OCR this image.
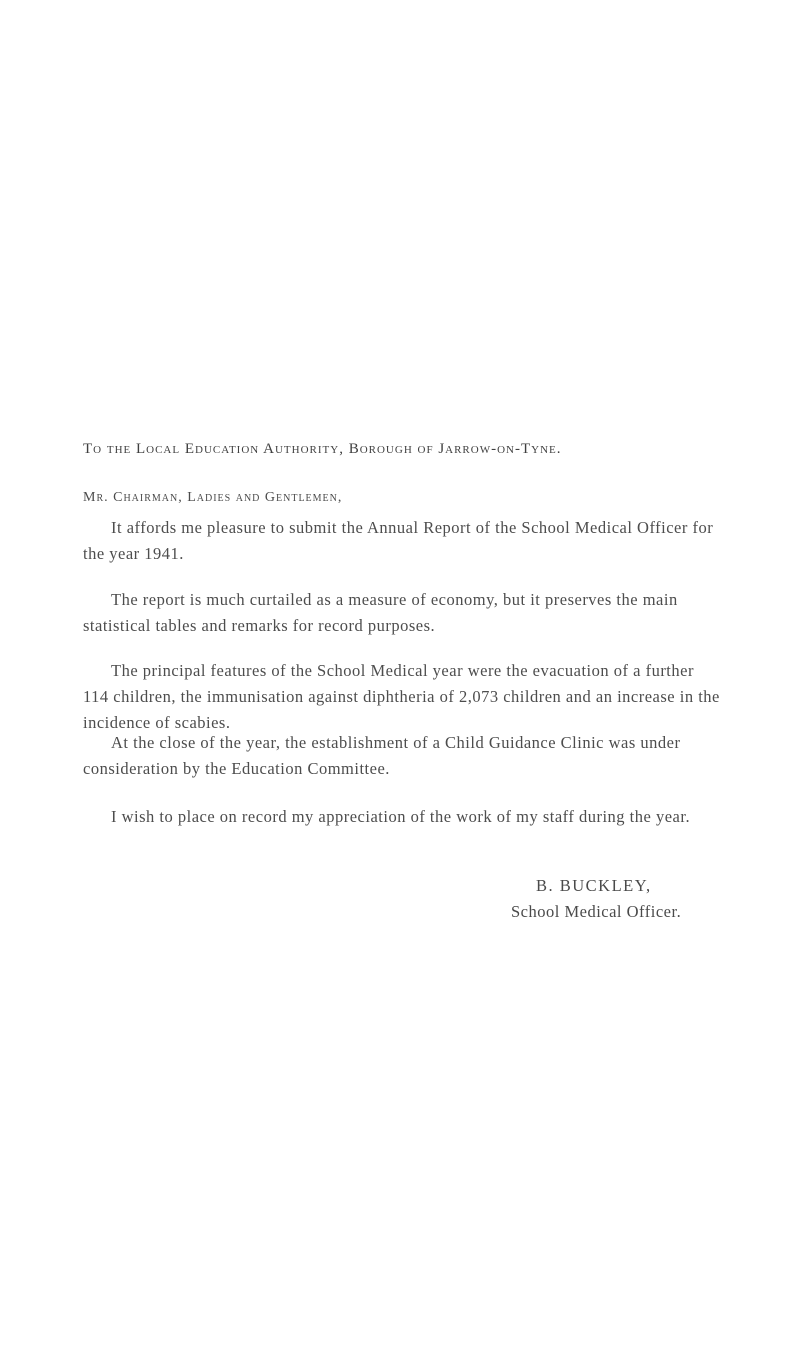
To the Local Education Authority, Borough of Jarrow-on-Tyne.
Mr. Chairman, Ladies and Gentlemen,

It affords me pleasure to submit the Annual Report of the School Medical Officer for the year 1941.

The report is much curtailed as a measure of economy, but it preserves the main statistical tables and remarks for record purposes.

The principal features of the School Medical year were the evacuation of a further 114 children, the immunisation against diphtheria of 2,073 children and an increase in the incidence of scabies.

At the close of the year, the establishment of a Child Guidance Clinic was under consideration by the Education Committee.

I wish to place on record my appreciation of the work of my staff during the year.

B. BUCKLEY,
School Medical Officer.
